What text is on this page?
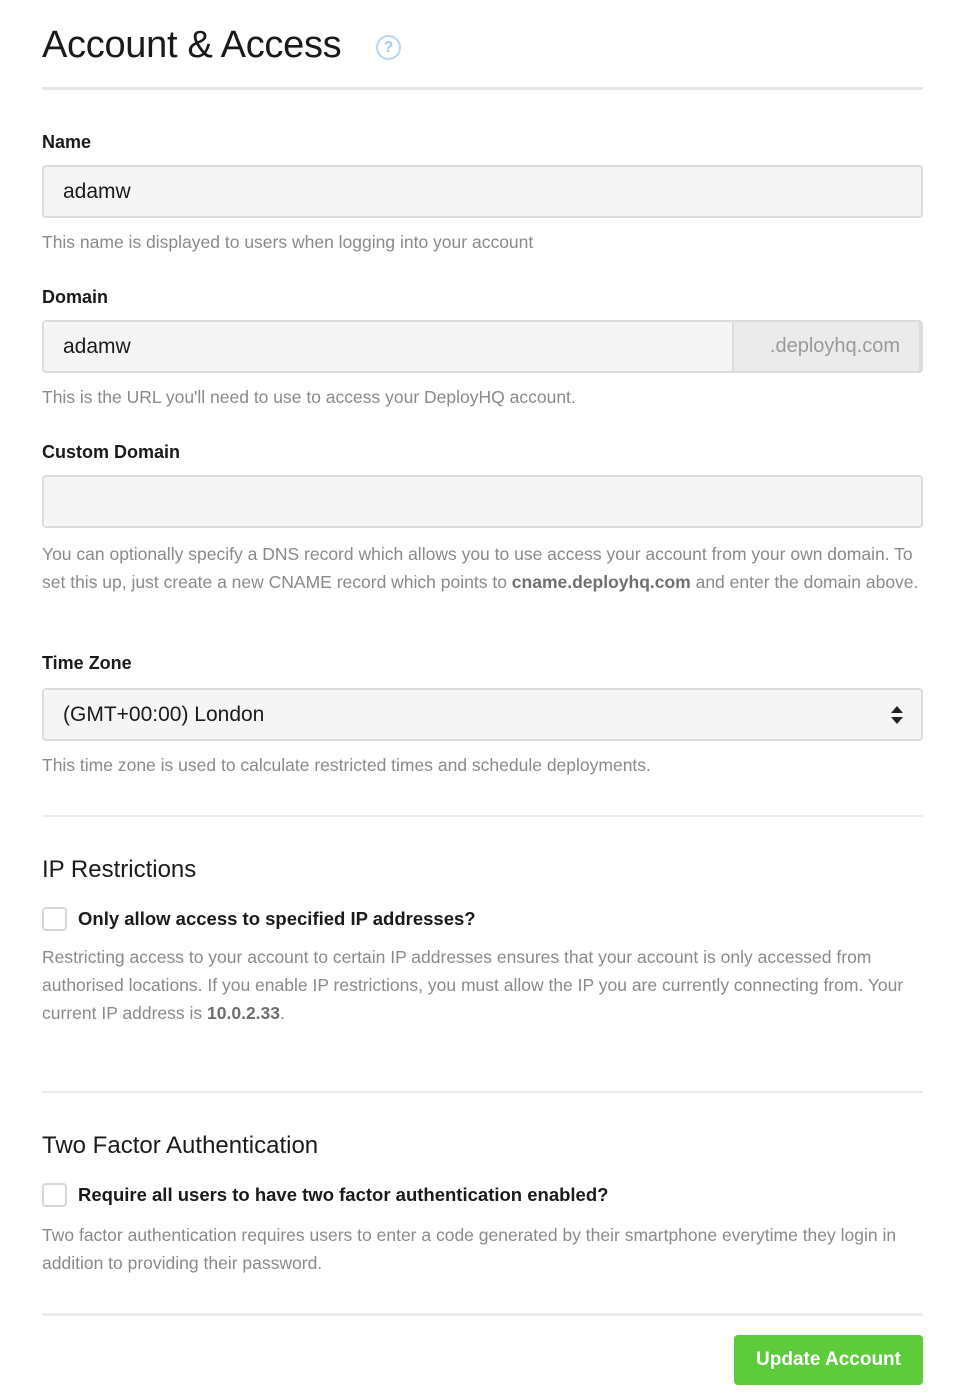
Account & Access	?
Name
adamw
This name is displayed to users when logging into your account
Domain
adamw	.deployhq.com
This is the URL you'll need to use to access your DeployHQ account.
Custom Domain
You can optionally specify a DNS record which allows you to use access your account from your own domain. To set this up, just create a new CNAME record which points to cname.deployhq.com and enter the domain above.
Time Zone
(GMT+00:00) London
This time zone is used to calculate restricted times and schedule deployments.
IP Restrictions
Only allow access to specified IP addresses?
Restricting access to your account to certain IP addresses ensures that your account is only accessed from authorised locations. If you enable IP restrictions, you must allow the IP you are currently connecting from. Your current IP address is 10.0.2.33.
Two Factor Authentication
Require all users to have two factor authentication enabled?
Two factor authentication requires users to enter a code generated by their smartphone everytime they login in addition to providing their password.
Update Account
